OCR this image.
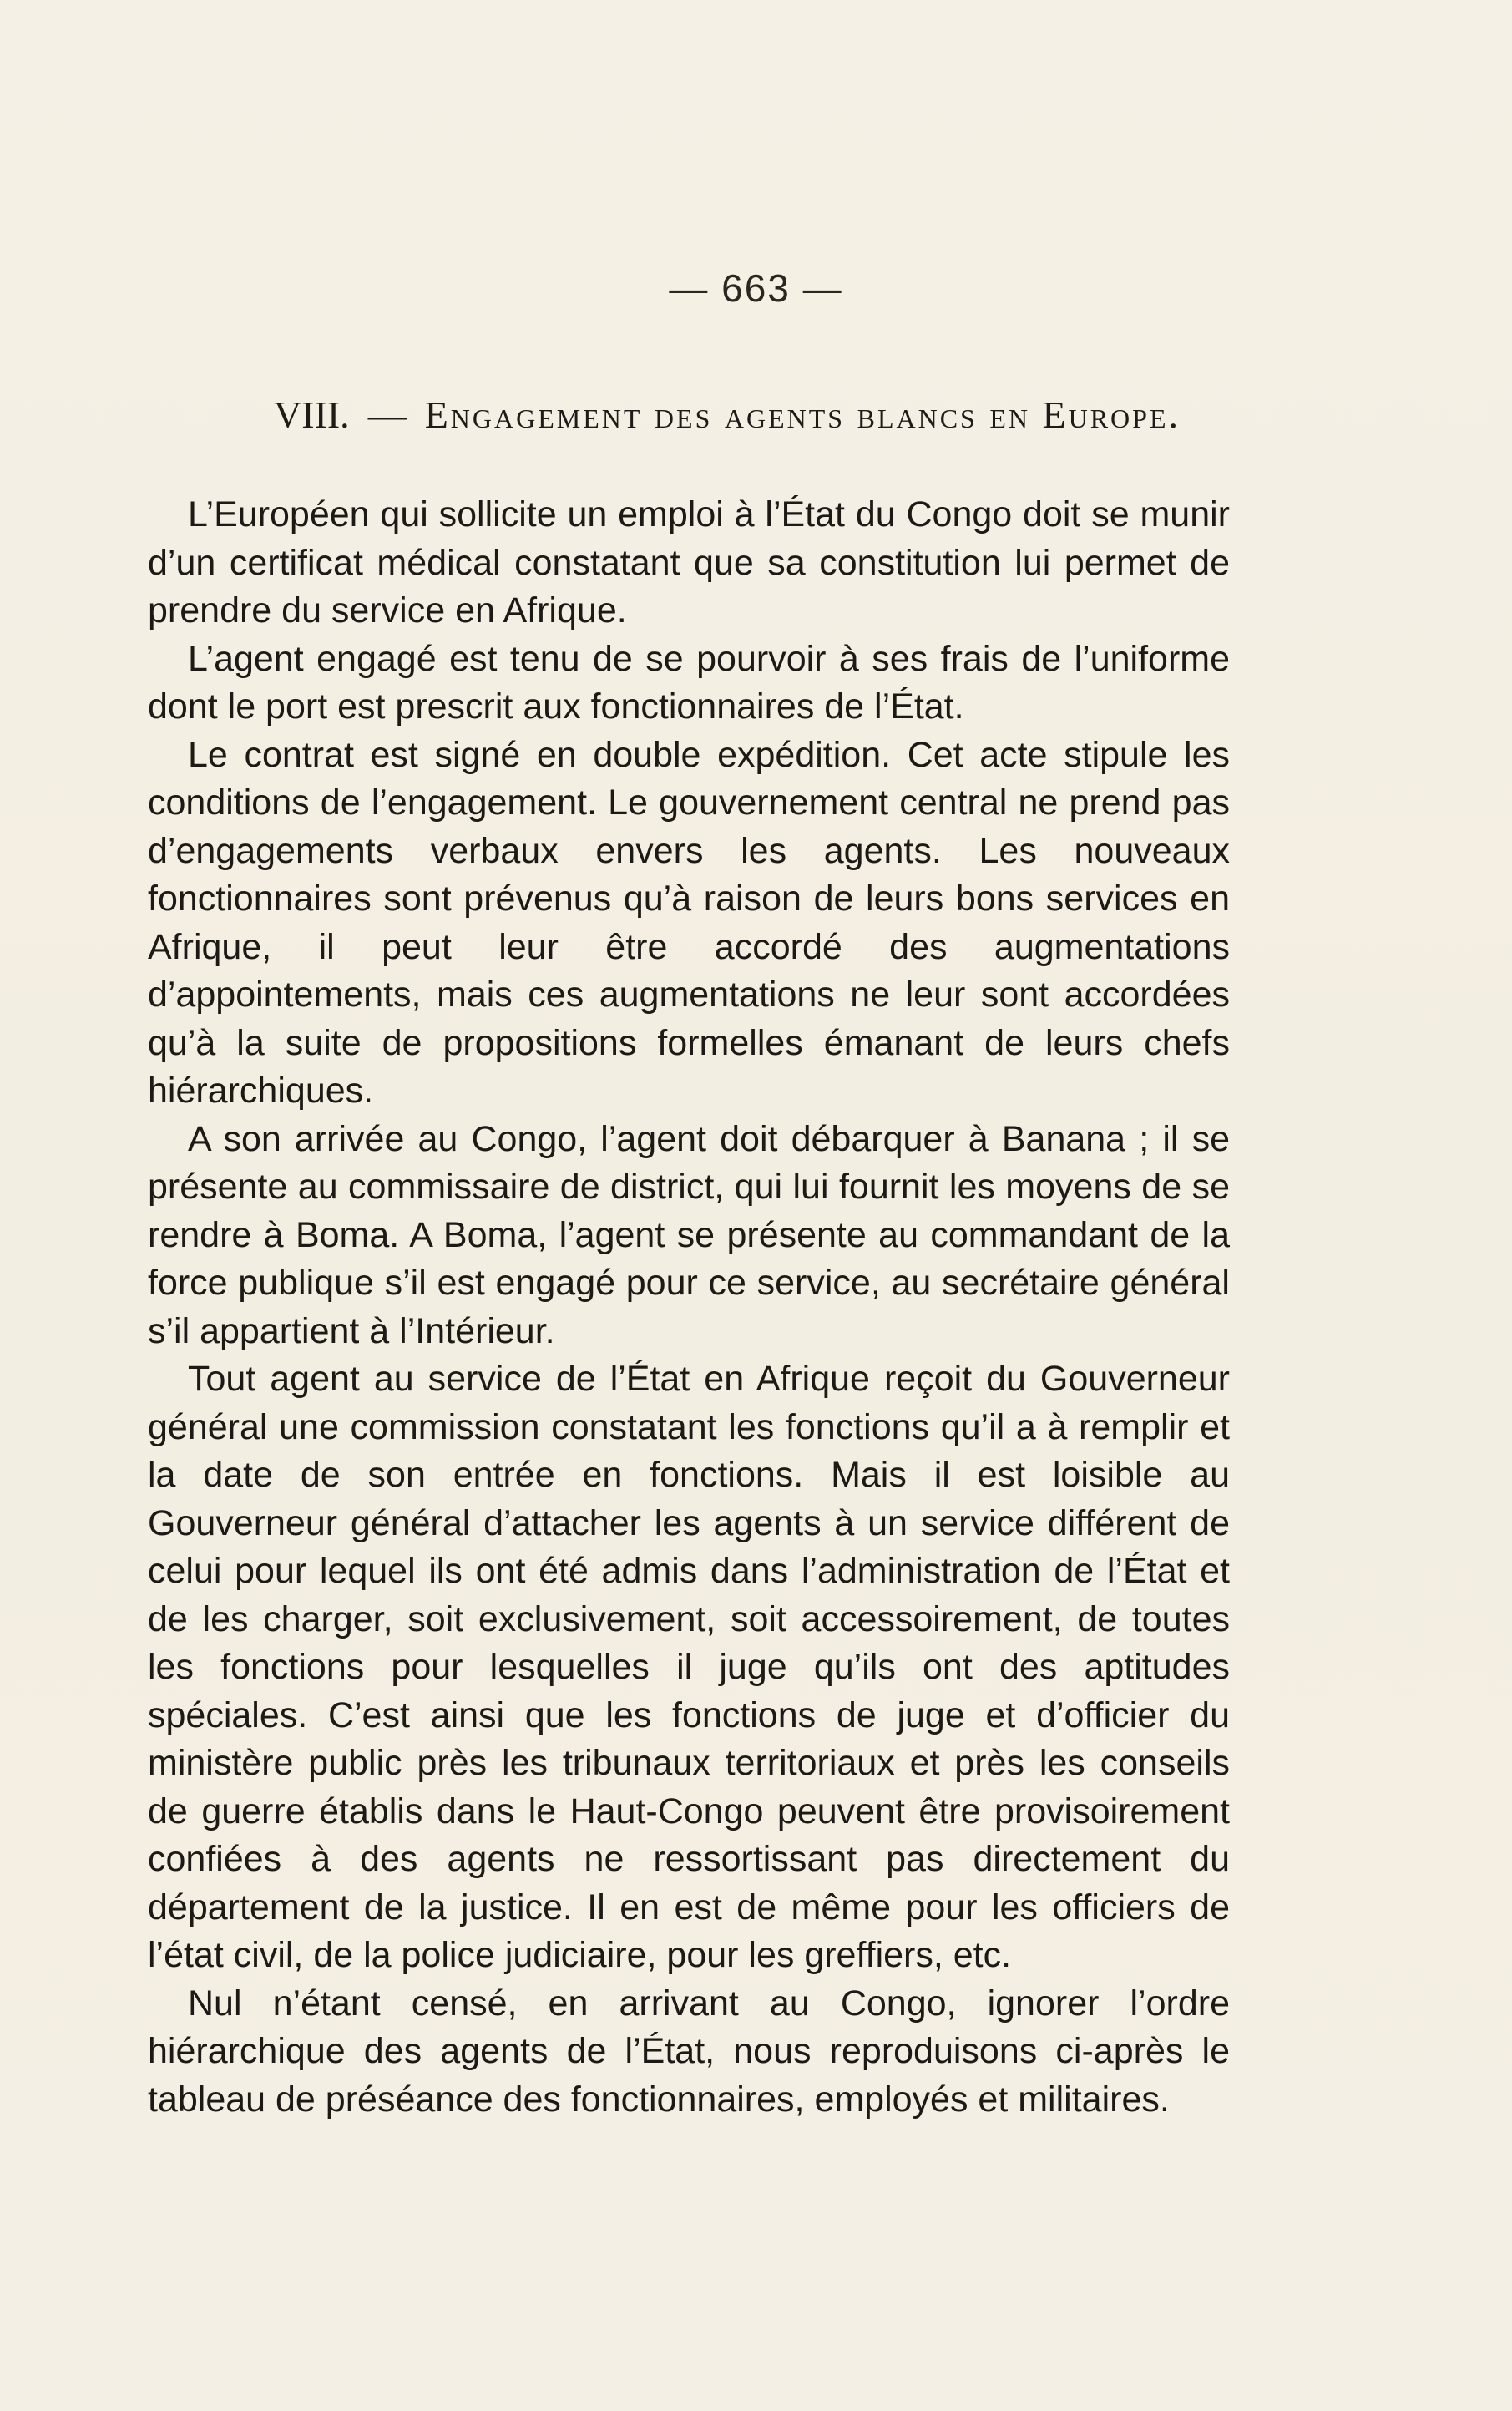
— 663 —
VIII. — Engagement des agents blancs en Europe.

L’Européen qui sollicite un emploi à l’État du Congo doit se munir d’un certificat médical constatant que sa constitution lui permet de prendre du service en Afrique.

L’agent engagé est tenu de se pourvoir à ses frais de l’uniforme dont le port est prescrit aux fonctionnaires de l’État.

Le contrat est signé en double expédition. Cet acte stipule les conditions de l’engagement. Le gouvernement central ne prend pas d’engagements verbaux envers les agents. Les nouveaux fonctionnaires sont prévenus qu’à raison de leurs bons services en Afrique, il peut leur être accordé des augmentations d’appointements, mais ces augmentations ne leur sont accordées qu’à la suite de propositions formelles émanant de leurs chefs hiérarchiques.

A son arrivée au Congo, l’agent doit débarquer à Banana ; il se présente au commissaire de district, qui lui fournit les moyens de se rendre à Boma. A Boma, l’agent se présente au commandant de la force publique s’il est engagé pour ce service, au secrétaire général s’il appartient à l’Intérieur.

Tout agent au service de l’État en Afrique reçoit du Gouverneur général une commission constatant les fonctions qu’il a à remplir et la date de son entrée en fonctions. Mais il est loisible au Gouverneur général d’attacher les agents à un service différent de celui pour lequel ils ont été admis dans l’administration de l’État et de les charger, soit exclusivement, soit accessoirement, de toutes les fonctions pour lesquelles il juge qu’ils ont des aptitudes spéciales. C’est ainsi que les fonctions de juge et d’officier du ministère public près les tribunaux territoriaux et près les conseils de guerre établis dans le Haut-Congo peuvent être provisoirement confiées à des agents ne ressortissant pas directement du département de la justice. Il en est de même pour les officiers de l’état civil, de la police judiciaire, pour les greffiers, etc.

Nul n’étant censé, en arrivant au Congo, ignorer l’ordre hiérarchique des agents de l’État, nous reproduisons ci-après le tableau de préséance des fonctionnaires, employés et militaires.
